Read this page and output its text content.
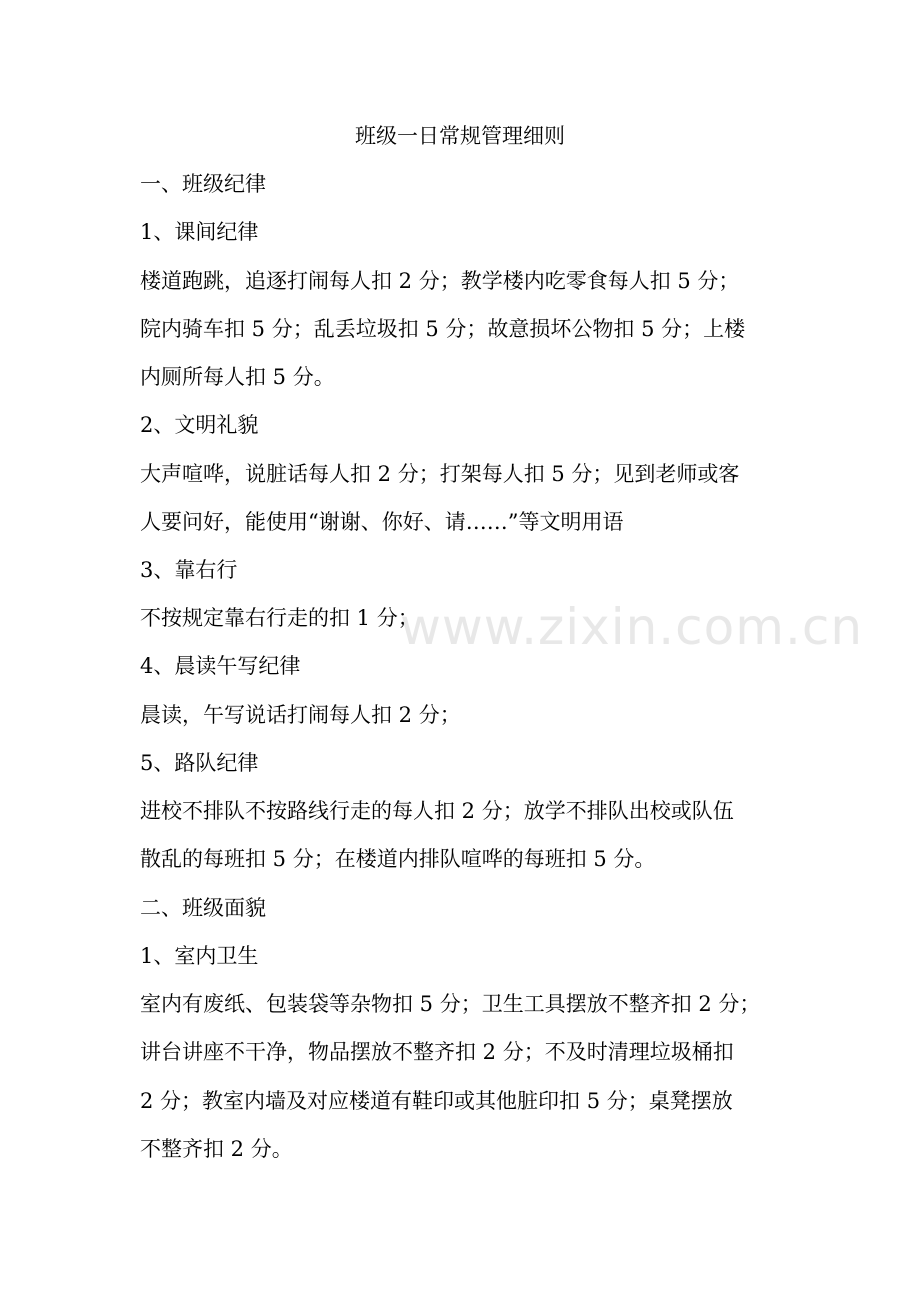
www.zixin.com.cn
班级一日常规管理细则
一、班级纪律
1、课间纪律
楼道跑跳，追逐打闹每人扣 2 分；教学楼内吃零食每人扣 5 分；
院内骑车扣 5 分；乱丢垃圾扣 5 分；故意损坏公物扣 5 分；上楼
内厕所每人扣 5 分。
2、文明礼貌
大声喧哗，说脏话每人扣 2 分；打架每人扣 5 分；见到老师或客
人要问好，能使用“谢谢、你好、请……”等文明用语
3、靠右行
不按规定靠右行走的扣 1 分；
4、晨读午写纪律
晨读，午写说话打闹每人扣 2 分；
5、路队纪律
进校不排队不按路线行走的每人扣 2 分；放学不排队出校或队伍
散乱的每班扣 5 分；在楼道内排队喧哗的每班扣 5 分。
二、班级面貌
1、室内卫生
室内有废纸、包装袋等杂物扣 5 分；卫生工具摆放不整齐扣 2 分；
讲台讲座不干净，物品摆放不整齐扣 2 分；不及时清理垃圾桶扣
2 分；教室内墙及对应楼道有鞋印或其他脏印扣 5 分；桌凳摆放
不整齐扣 2 分。
